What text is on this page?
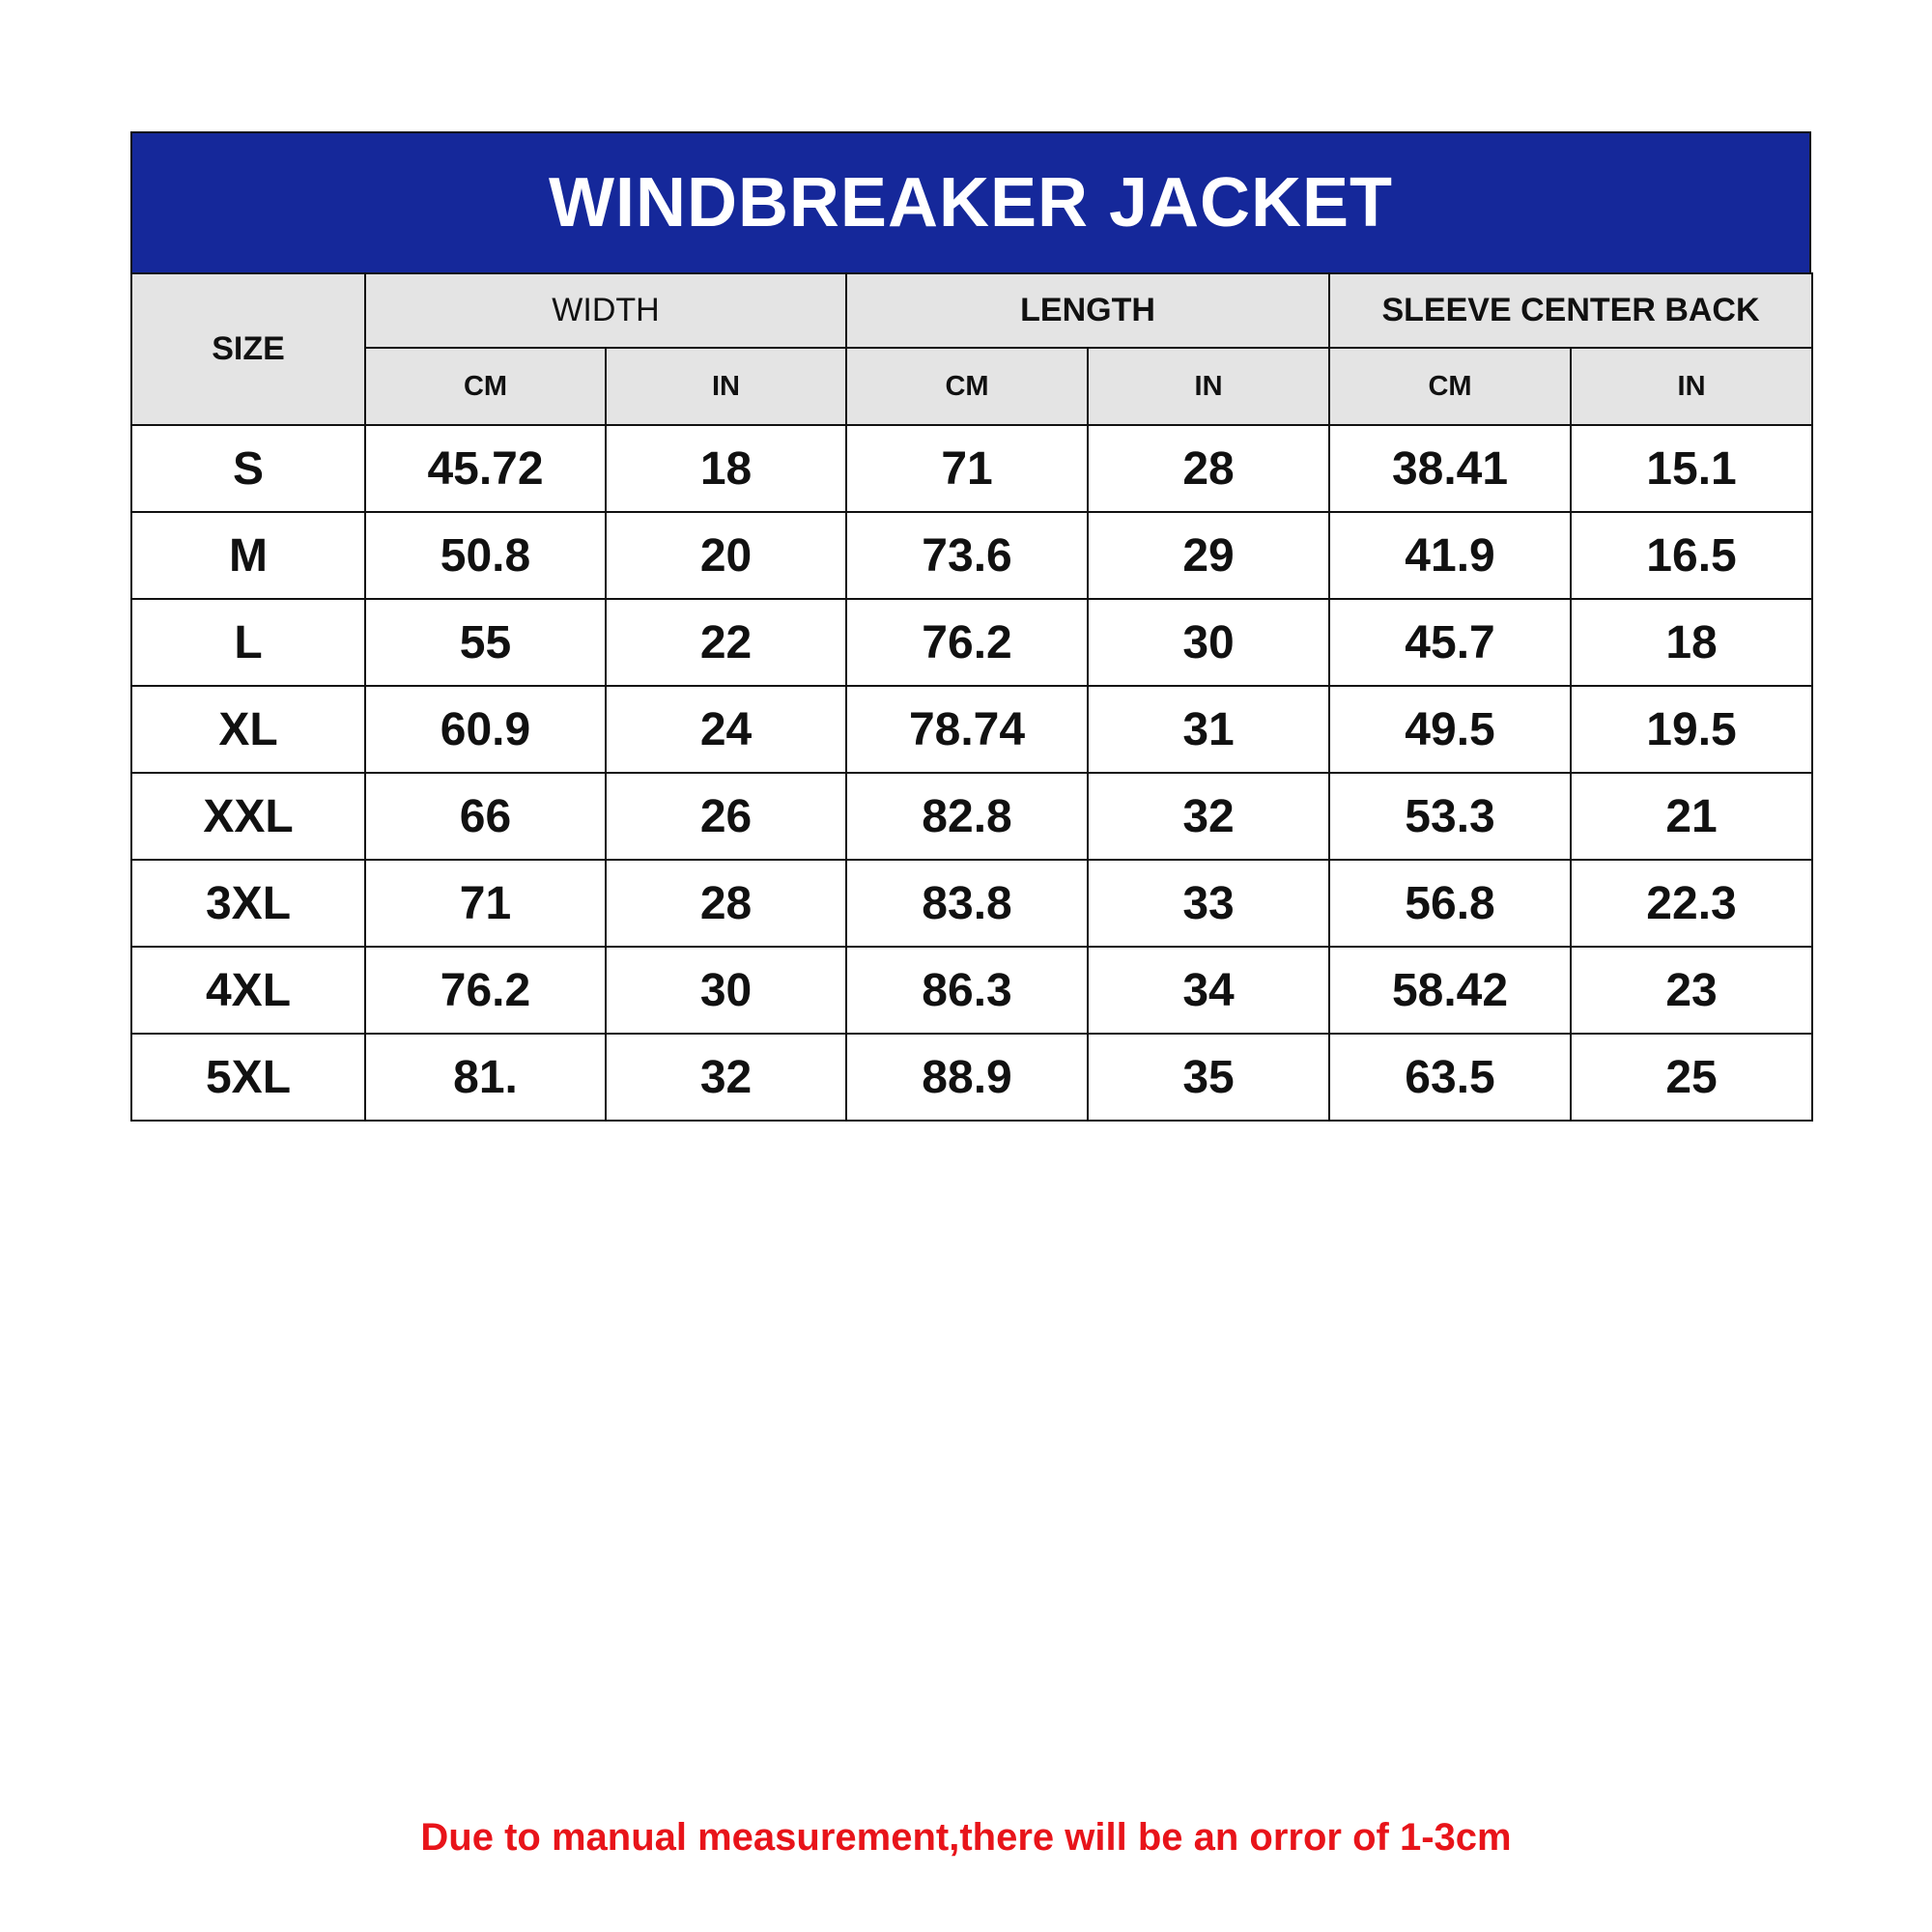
WINDBREAKER JACKET
SIZE	WIDTH		LENGTH		SLEEVE CENTER BACK	
	CM	IN	CM	IN	CM	IN
S	45.72	18	71	28	38.41	15.1
M	50.8	20	73.6	29	41.9	16.5
L	55	22	76.2	30	45.7	18
XL	60.9	24	78.74	31	49.5	19.5
XXL	66	26	82.8	32	53.3	21
3XL	71	28	83.8	33	56.8	22.3
4XL	76.2	30	86.3	34	58.42	23
5XL	81.	32	88.9	35	63.5	25
Due to manual measurement,there will be an orror of 1-3cm
